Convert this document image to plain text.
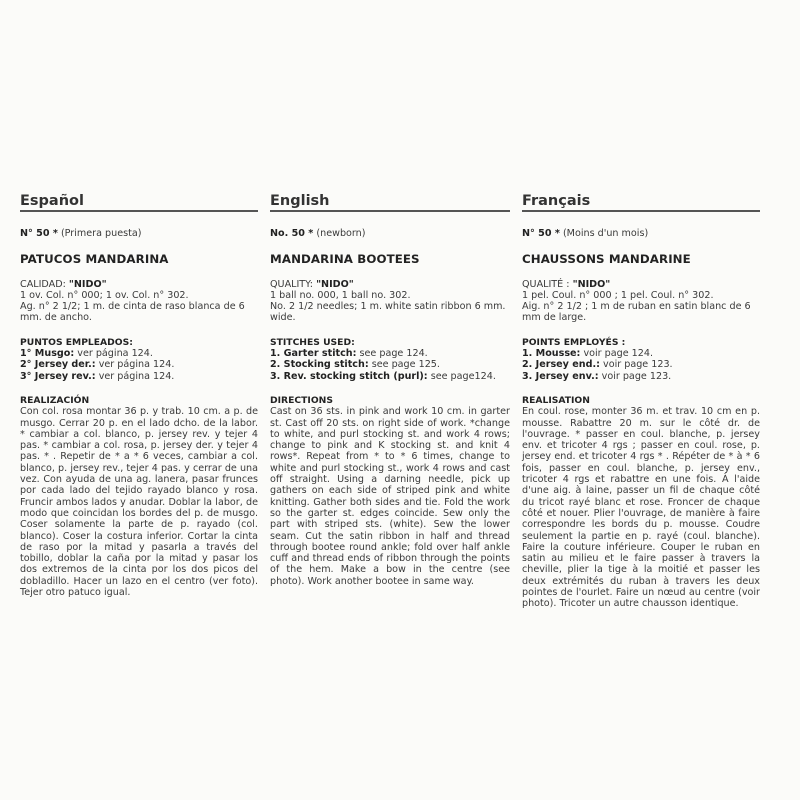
Español
N° 50 * (Primera puesta)
PATUCOS MANDARINA

CALIDAD: "NIDO"

1 ov. Col. n° 000; 1 ov. Col. n° 302.

Ag. n° 2 1/2; 1 m. de cinta de raso blanca de 6 mm. de ancho.

PUNTOS EMPLEADOS:

1° Musgo: ver página 124.

2° Jersey der.: ver página 124.

3° Jersey rev.: ver página 124.

REALIZACIÓN
Con col. rosa montar 36 p. y trab. 10 cm. a p. de musgo. Cerrar 20 p. en el lado dcho. de la labor. * cambiar a col. blanco, p. jersey rev. y tejer 4 pas. * cambiar a col. rosa, p. jersey der. y tejer 4 pas. * . Repetir de * a * 6 veces, cambiar a col. blanco, p. jersey rev., tejer 4 pas. y cerrar de una vez. Con ayuda de una ag. lanera, pasar frunces por cada lado del tejido rayado blanco y rosa. Fruncir ambos lados y anudar. Doblar la labor, de modo que coincidan los bordes del p. de musgo. Coser solamente la parte de p. rayado (col. blanco). Coser la costura inferior. Cortar la cinta de raso por la mitad y pasarla a través del tobillo, doblar la caña por la mitad y pasar los dos extremos de la cinta por los dos picos del dobladillo. Hacer un lazo en el centro (ver foto). Tejer otro patuco igual.
English
No. 50 * (newborn)
MANDARINA BOOTEES

QUALITY: "NIDO"

1 ball no. 000, 1 ball no. 302.

No. 2 1/2 needles; 1 m. white satin ribbon 6 mm. wide.

STITCHES USED:

1. Garter stitch: see page 124.

2. Stocking stitch: see page 125.

3. Rev. stocking stitch (purl): see page124.

DIRECTIONS
Cast on 36 sts. in pink and work 10 cm. in garter st. Cast off 20 sts. on right side of work. *change to white, and purl stocking st. and work 4 rows; change to pink and K stocking st. and knit 4 rows*. Repeat from * to * 6 times, change to white and purl stocking st., work 4 rows and cast off straight. Using a darning needle, pick up gathers on each side of striped pink and white knitting. Gather both sides and tie. Fold the work so the garter st. edges coincide. Sew only the part with striped sts. (white). Sew the lower seam. Cut the satin ribbon in half and thread through bootee round ankle; fold over half ankle cuff and thread ends of ribbon through the points of the hem. Make a bow in the centre (see photo). Work another bootee in same way.
Français
N° 50 * (Moins d'un mois)
CHAUSSONS MANDARINE

QUALITÉ : "NIDO"

1 pel. Coul. n° 000 ; 1 pel. Coul. n° 302.

Aig. n° 2 1/2 ; 1 m de ruban en satin blanc de 6 mm de large.

POINTS EMPLOYÉS :

1. Mousse: voir page 124.

2. Jersey end.: voir page 123.

3. Jersey env.: voir page 123.

REALISATION
En coul. rose, monter 36 m. et trav. 10 cm en p. mousse. Rabattre 20 m. sur le côté dr. de l'ouvrage. * passer en coul. blanche, p. jersey env. et tricoter 4 rgs ; passer en coul. rose, p. jersey end. et tricoter 4 rgs * . Répéter de * à * 6 fois, passer en coul. blanche, p. jersey env., tricoter 4 rgs et rabattre en une fois. À l'aide d'une aig. à laine, passer un fil de chaque côté du tricot rayé blanc et rose. Froncer de chaque côté et nouer. Plier l'ouvrage, de manière à faire correspondre les bords du p. mousse. Coudre seulement la partie en p. rayé (coul. blanche). Faire la couture inférieure. Couper le ruban en satin au milieu et le faire passer à travers la cheville, plier la tige à la moitié et passer les deux extrémités du ruban à travers les deux pointes de l'ourlet. Faire un nœud au centre (voir photo). Tricoter un autre chausson identique.
